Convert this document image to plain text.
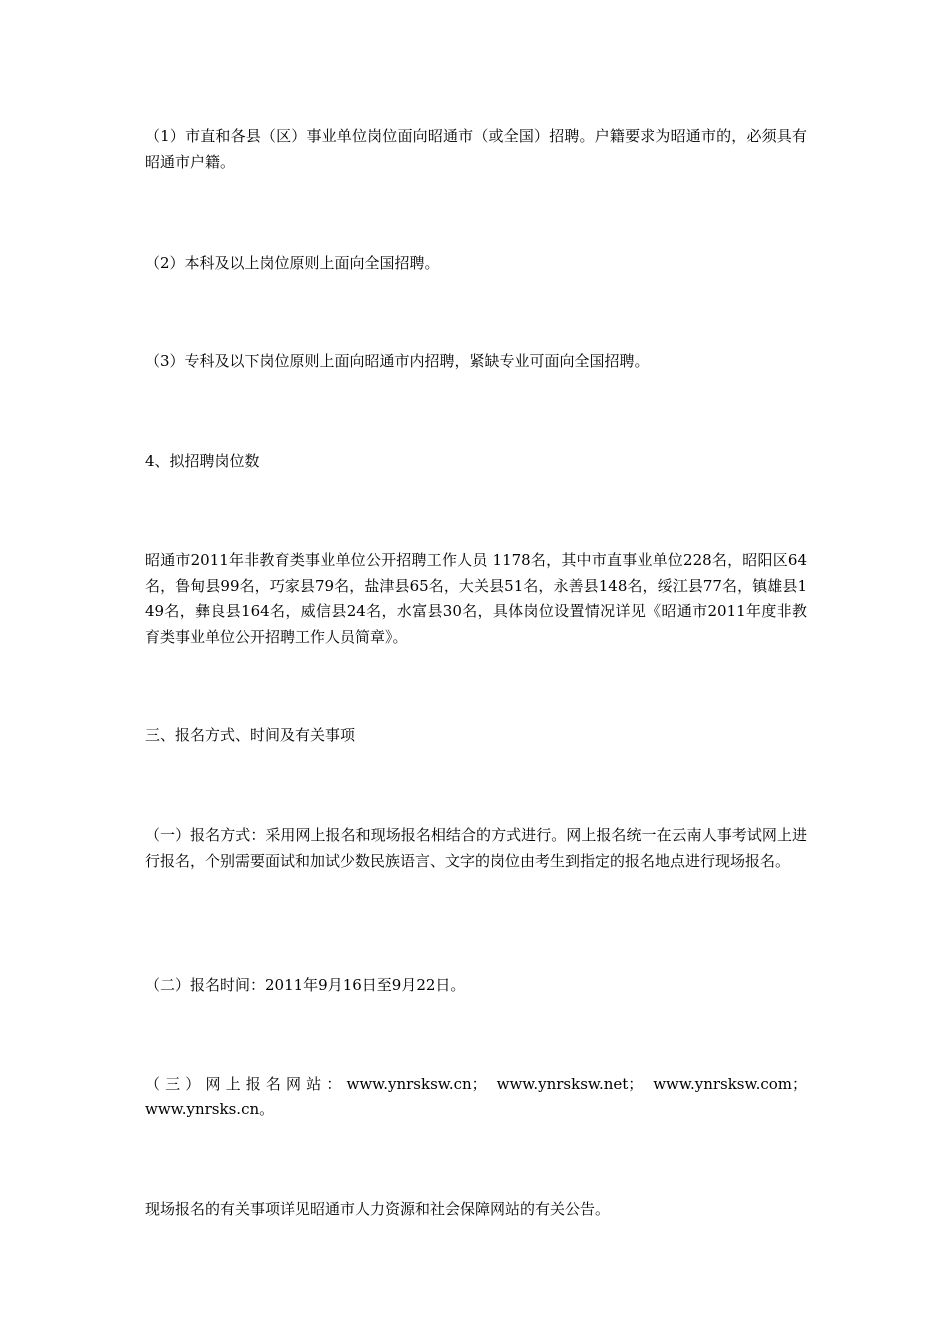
（1）市直和各县（区）事业单位岗位面向昭通市（或全国）招聘。户籍要求为昭通市的，必须具有昭通市户籍。

（2）本科及以上岗位原则上面向全国招聘。

（3）专科及以下岗位原则上面向昭通市内招聘，紧缺专业可面向全国招聘。

4、拟招聘岗位数

昭通市2011年非教育类事业单位公开招聘工作人员 1178名，其中市直事业单位228名，昭阳区64名，鲁甸县99名，巧家县79名，盐津县65名，大关县51名，永善县148名，绥江县77名，镇雄县149名，彝良县164名，威信县24名，水富县30名，具体岗位设置情况详见《昭通市2011年度非教育类事业单位公开招聘工作人员简章》。

三、报名方式、时间及有关事项

（一）报名方式：采用网上报名和现场报名相结合的方式进行。网上报名统一在云南人事考试网上进行报名，个别需要面试和加试少数民族语言、文字的岗位由考生到指定的报名地点进行现场报名。

（二）报名时间：2011年9月16日至9月22日。

（三）网上报名网站：www.ynrsksw.cn； www.ynrsksw.net； www.ynrsksw.com；

www.ynrsks.cn。

现场报名的有关事项详见昭通市人力资源和社会保障网站的有关公告。
